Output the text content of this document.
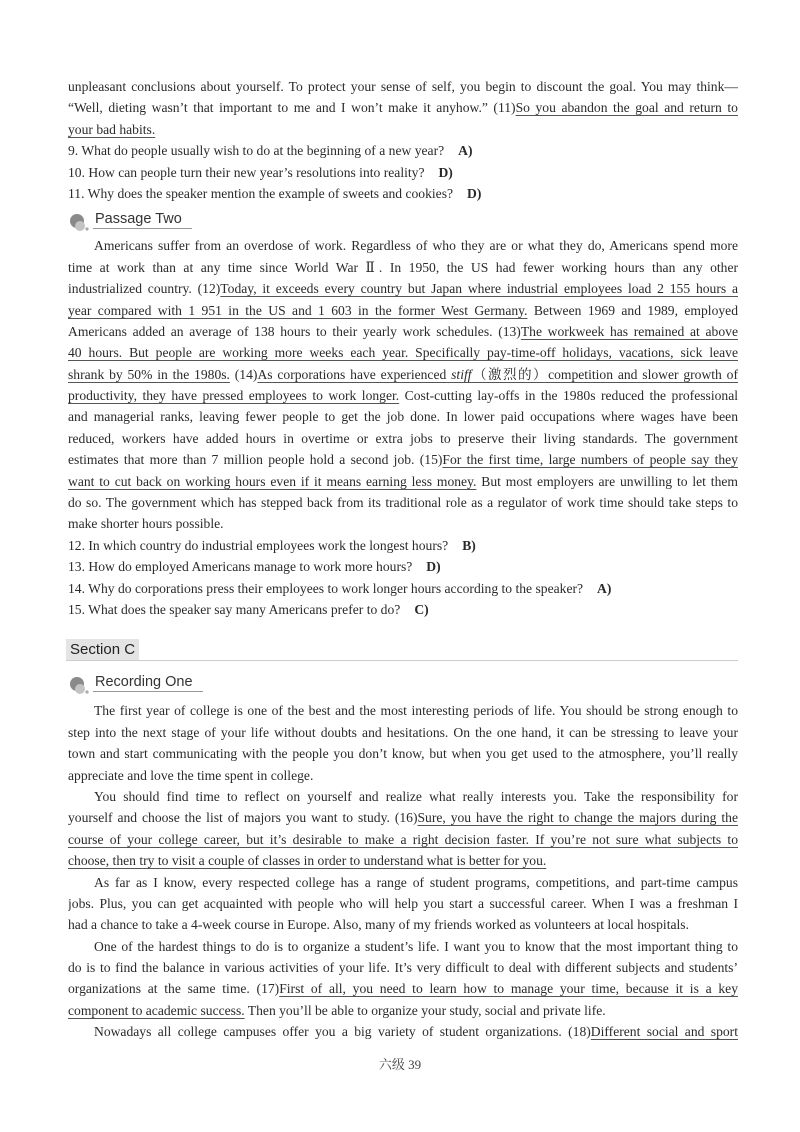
unpleasant conclusions about yourself. To protect your sense of self, you begin to discount the goal. You may think—
“Well, dieting wasn’t that important to me and I won’t make it anyhow.” (11)So you abandon the goal and return to
your bad habits.
9. What do people usually wish to do at the beginning of a new year? A)
10. How can people turn their new year’s resolutions into reality? D)
11. Why does the speaker mention the example of sweets and cookies? D)
Passage Two
Americans suffer from an overdose of work. Regardless of who they are or what they do, Americans spend more
time at work than at any time since World War Ⅱ. In 1950, the US had fewer working hours than any other
industrialized country. (12)Today, it exceeds every country but Japan where industrial employees load 2 155 hours a
year compared with 1 951 in the US and 1 603 in the former West Germany. Between 1969 and 1989, employed
Americans added an average of 138 hours to their yearly work schedules. (13)The workweek has remained at above
40 hours. But people are working more weeks each year. Specifically pay-time-off holidays, vacations, sick leave
shrank by 50% in the 1980s. (14)As corporations have experienced stiff（激烈的）competition and slower growth of
productivity, they have pressed employees to work longer. Cost-cutting lay-offs in the 1980s reduced the professional
and managerial ranks, leaving fewer people to get the job done. In lower paid occupations where wages have been
reduced, workers have added hours in overtime or extra jobs to preserve their living standards. The government
estimates that more than 7 million people hold a second job. (15)For the first time, large numbers of people say they
want to cut back on working hours even if it means earning less money. But most employers are unwilling to let them
do so. The government which has stepped back from its traditional role as a regulator of work time should take steps to
make shorter hours possible.
12. In which country do industrial employees work the longest hours? B)
13. How do employed Americans manage to work more hours? D)
14. Why do corporations press their employees to work longer hours according to the speaker? A)
15. What does the speaker say many Americans prefer to do? C)
Section C
Recording One
The first year of college is one of the best and the most interesting periods of life. You should be strong enough to
step into the next stage of your life without doubts and hesitations. On the one hand, it can be stressing to leave your
town and start communicating with the people you don’t know, but when you get used to the atmosphere, you’ll really
appreciate and love the time spent in college.
You should find time to reflect on yourself and realize what really interests you. Take the responsibility for
yourself and choose the list of majors you want to study. (16)Sure, you have the right to change the majors during the
course of your college career, but it’s desirable to make a right decision faster. If you’re not sure what subjects to
choose, then try to visit a couple of classes in order to understand what is better for you.
As far as I know, every respected college has a range of student programs, competitions, and part-time campus
jobs. Plus, you can get acquainted with people who will help you start a successful career. When I was a freshman I
had a chance to take a 4-week course in Europe. Also, many of my friends worked as volunteers at local hospitals.
One of the hardest things to do is to organize a student’s life. I want you to know that the most important thing to
do is to find the balance in various activities of your life. It’s very difficult to deal with different subjects and students’
organizations at the same time. (17)First of all, you need to learn how to manage your time, because it is a key
component to academic success. Then you’ll be able to organize your study, social and private life.
Nowadays all college campuses offer you a big variety of student organizations. (18)Different social and sport
六级 39
